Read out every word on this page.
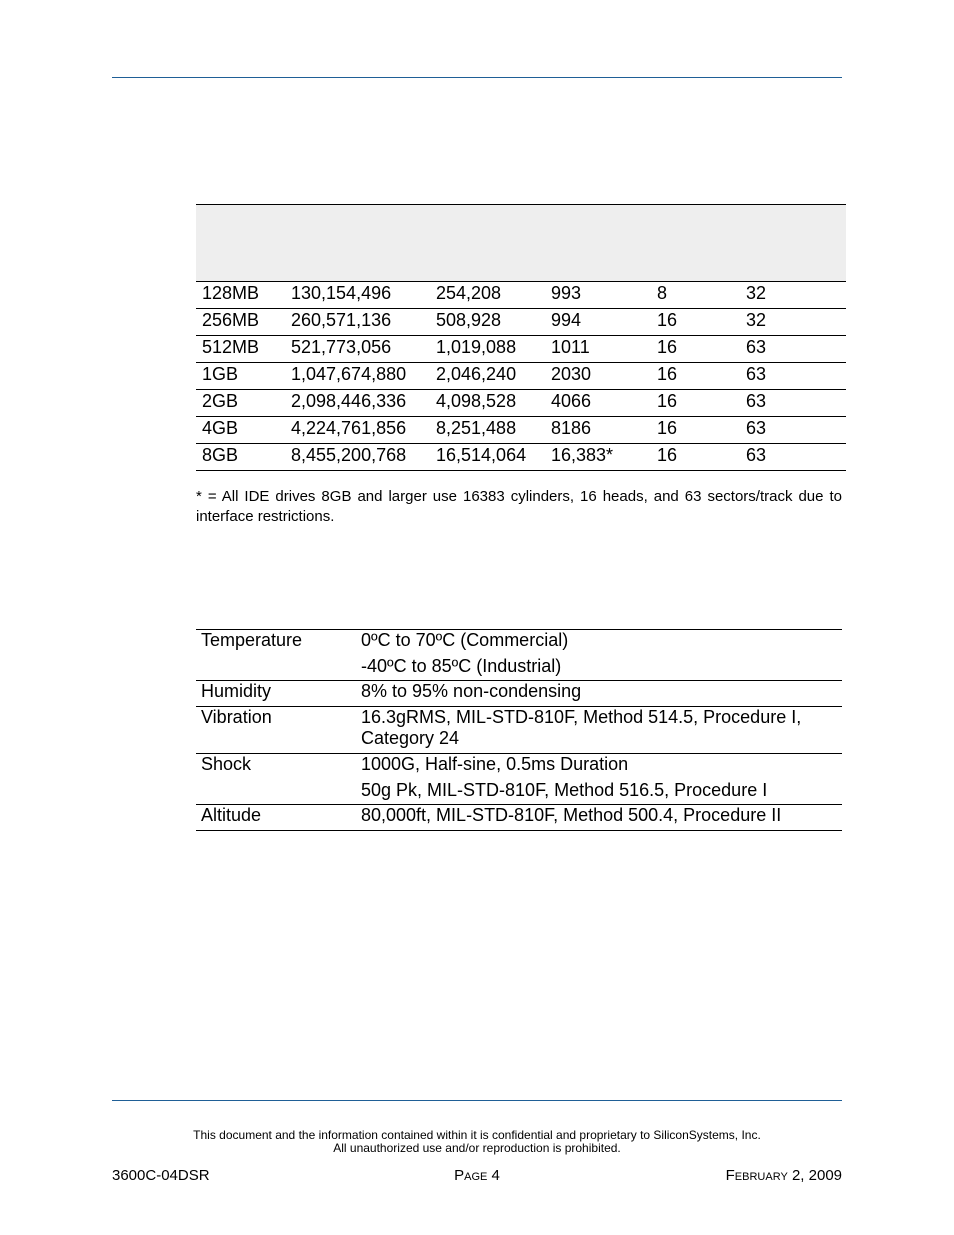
128MB	130,154,496	254,208	993	8	32
256MB	260,571,136	508,928	994	16	32
512MB	521,773,056	1,019,088	1011	16	63
1GB	1,047,674,880	2,046,240	2030	16	63
2GB	2,098,446,336	4,098,528	4066	16	63
4GB	4,224,761,856	8,251,488	8186	16	63
8GB	8,455,200,768	16,514,064	16,383*	16	63
* = All IDE drives 8GB and larger use 16383 cylinders, 16 heads, and 63 sectors/track due to interface restrictions.
Temperature	0ºC to 70ºC (Commercial)
	-40ºC to 85ºC (Industrial)
Humidity	8% to 95% non-condensing
Vibration	16.3gRMS, MIL-STD-810F, Method 514.5, Procedure I, Category 24
Shock	1000G, Half-sine, 0.5ms Duration
	50g Pk, MIL-STD-810F, Method 516.5, Procedure I
Altitude	80,000ft, MIL-STD-810F, Method 500.4, Procedure II
This document and the information contained within it is confidential and proprietary to SiliconSystems, Inc.
All unauthorized use and/or reproduction is prohibited.
3600C-04DSR	Page 4	February 2, 2009
